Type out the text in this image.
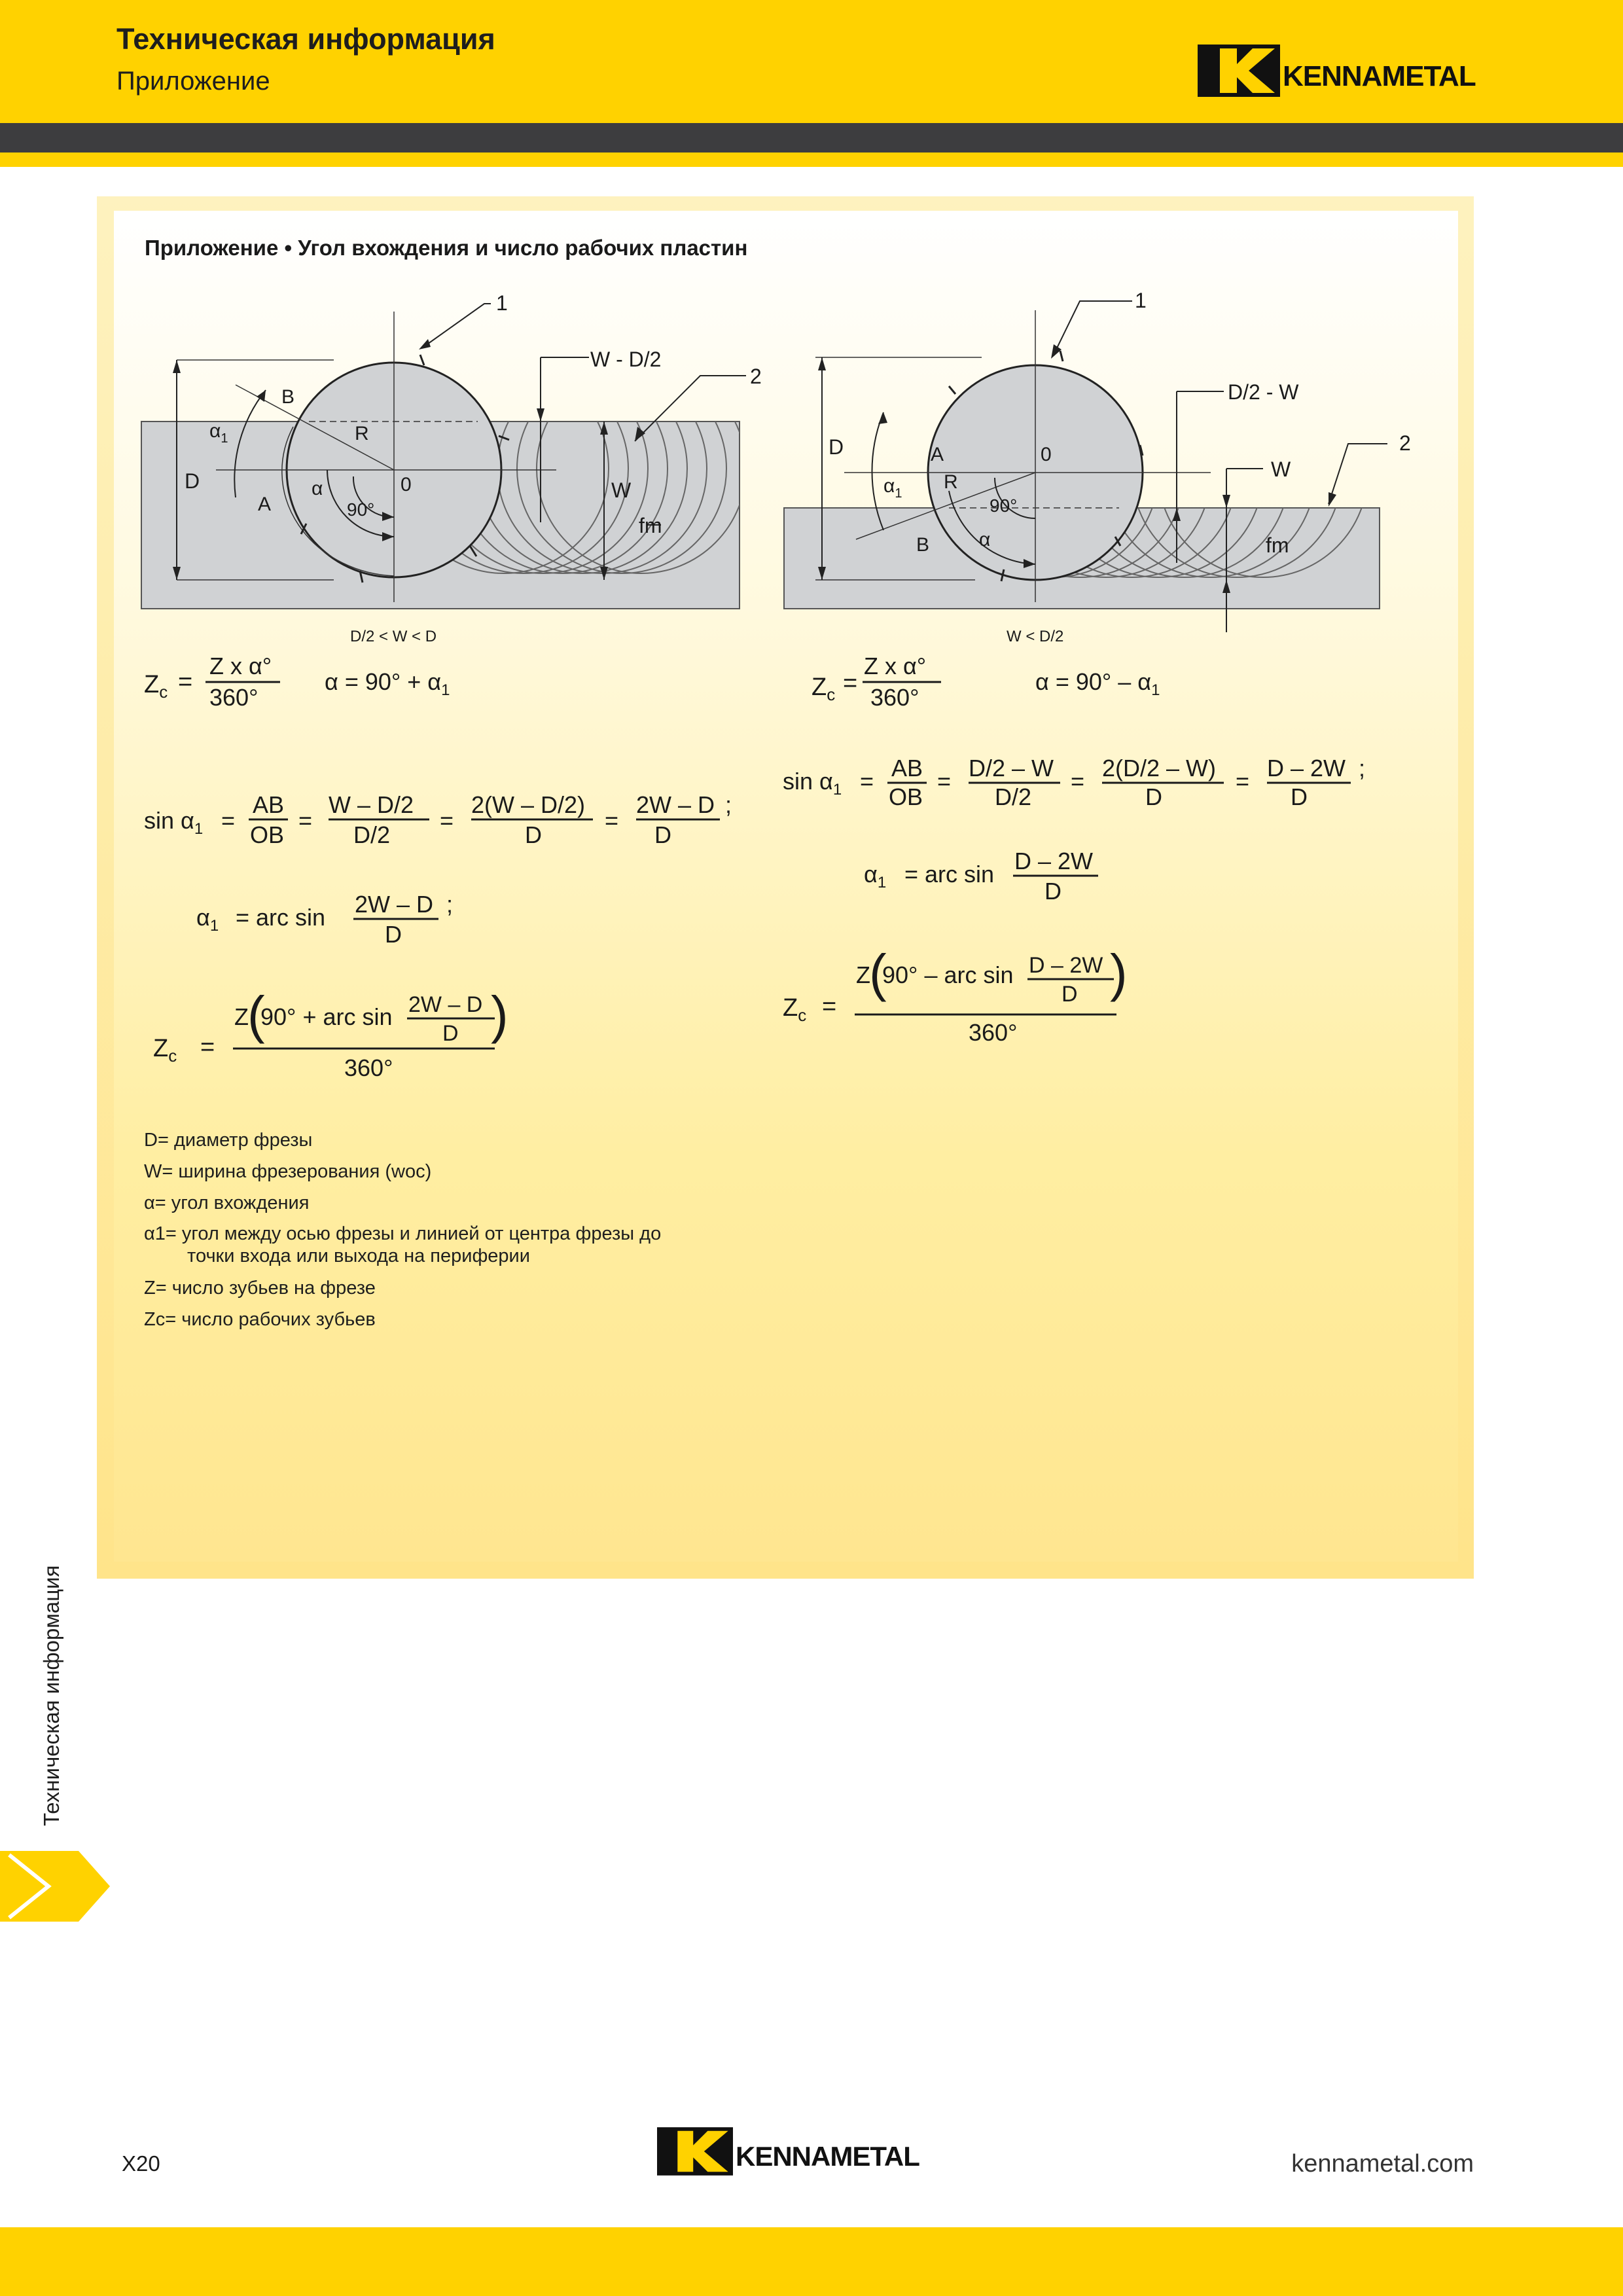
Техническая информация
Приложение	KENNAMETAL
Приложение • Угол вхождения и число рабочих пластин
1
2
W - D/2
W
fm
B
R
A
0
D	α
$\alpha_1$
90°
D/2 < W < D
1
2
D/2 - W
W
fm
B
R
A	0
D
α
$\alpha_1$
90°
W < D/2
$Z_c$ =
Z x α°
360°
$\alpha = 90^\circ + \alpha_1$
$\sin \alpha_1$ =
AB
OB
=
W – D/2
D/2
=
2(W – D/2)
D
=
2W – D
D
;
$\alpha_1$ = arc sin 2W – D
D
;
$Z_c$ =
Z
(
90° + arc sin 2W – D
D )
360°
$Z_c$ =
Z x α°
360°
$\alpha = 90^\circ - \alpha_1$
$\sin \alpha_1$ = AB
OB
= D/2 – W
D/2
= 2(D/2 – W)
D
= D – 2W
D
;
$\alpha_1$ = arc sin D – 2W
D
$Z_c$ =
Z
(
90° – arc sin D – 2W
D )
360°
D = диаметр фрезы
W = ширина фрезерования (woc)
α = угол вхождения
α1 = угол между осью фрезы и линией от центра фрезы до
точки входа или выхода на периферии
Z = число зубьев на фрезе
Zc = число рабочих зубьев
Техническая информация
X20	KENNAMETAL	kennametal.com
